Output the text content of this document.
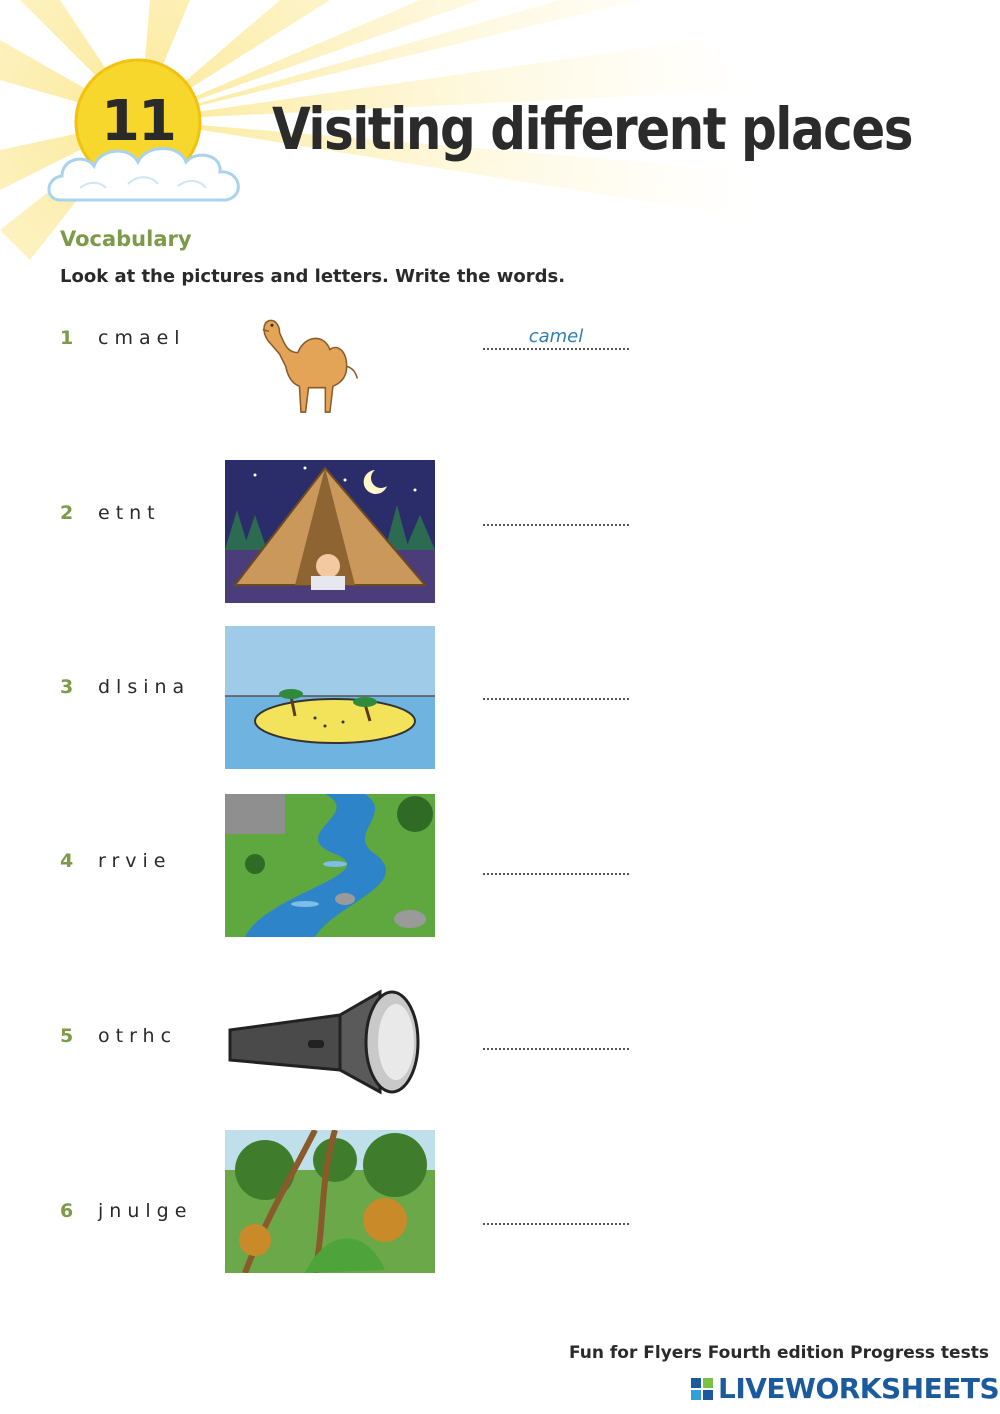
11	Visiting different places
Vocabulary
Look at the pictures and letters. Write the words.
1 cmael
camel
2 etnt
3 dlsina
4 rrvie
5 otrhc
6 jnulge
Fun for Flyers Fourth edition Progress tests
LIVEWORKSHEETS
